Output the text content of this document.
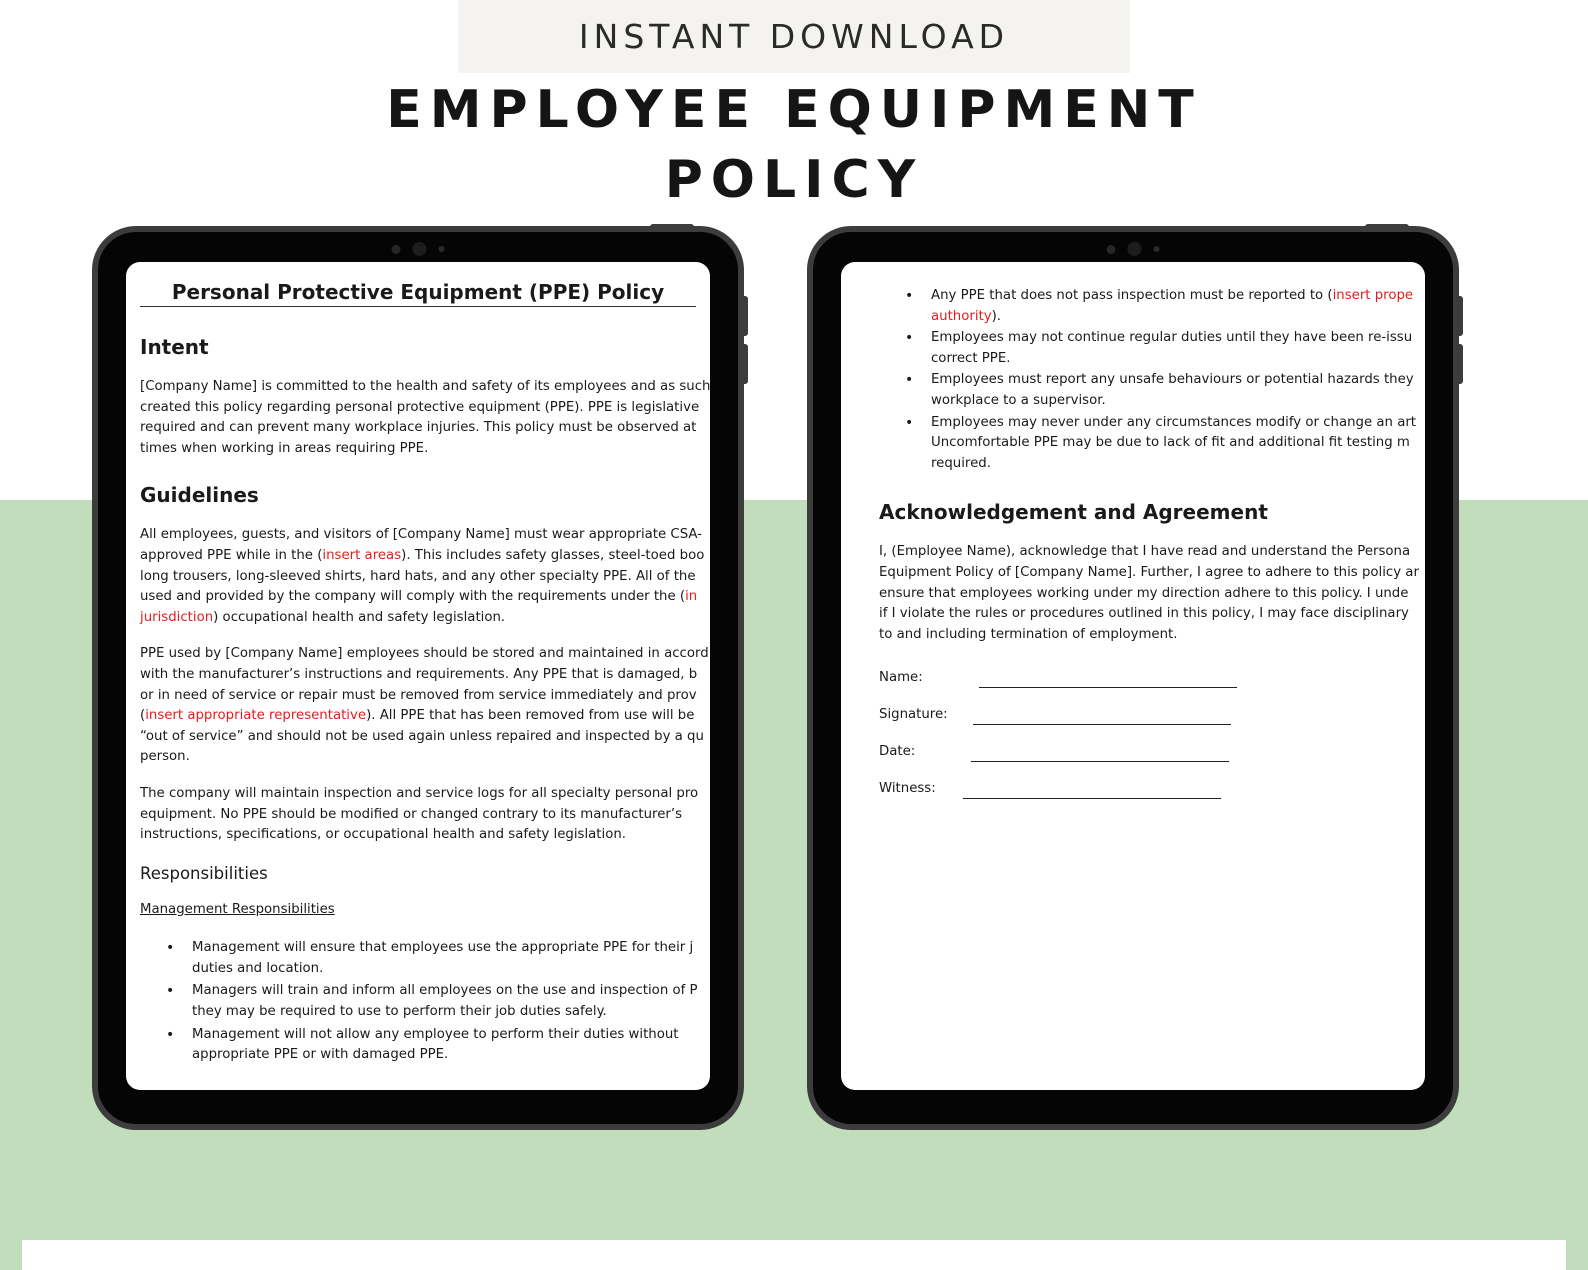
INSTANT DOWNLOAD
EMPLOYEE EQUIPMENT
POLICY
Personal Protective Equipment (PPE) Policy
Intent
[Company Name] is committed to the health and safety of its employees and as such
created this policy regarding personal protective equipment (PPE). PPE is legislative
required and can prevent many workplace injuries. This policy must be observed at
times when working in areas requiring PPE.
Guidelines
All employees, guests, and visitors of [Company Name] must wear appropriate CSA-
approved PPE while in the (insert areas). This includes safety glasses, steel-toed boo
long trousers, long-sleeved shirts, hard hats, and any other specialty PPE. All of the
used and provided by the company will comply with the requirements under the (in
jurisdiction) occupational health and safety legislation.
PPE used by [Company Name] employees should be stored and maintained in accord
with the manufacturer’s instructions and requirements. Any PPE that is damaged, b
or in need of service or repair must be removed from service immediately and prov
(insert appropriate representative). All PPE that has been removed from use will be
“out of service” and should not be used again unless repaired and inspected by a qu
person.
The company will maintain inspection and service logs for all specialty personal pro
equipment. No PPE should be modified or changed contrary to its manufacturer’s
instructions, specifications, or occupational health and safety legislation.
Responsibilities
Management Responsibilities
• Management will ensure that employees use the appropriate PPE for their j
duties and location.
• Managers will train and inform all employees on the use and inspection of P
they may be required to use to perform their job duties safely.
• Management will not allow any employee to perform their duties without
appropriate PPE or with damaged PPE.
• Any PPE that does not pass inspection must be reported to (insert prope
authority).
• Employees may not continue regular duties until they have been re-issu
correct PPE.
• Employees must report any unsafe behaviours or potential hazards they
workplace to a supervisor.
• Employees may never under any circumstances modify or change an art
Uncomfortable PPE may be due to lack of fit and additional fit testing m
required.
Acknowledgement and Agreement
I, (Employee Name), acknowledge that I have read and understand the Persona
Equipment Policy of [Company Name]. Further, I agree to adhere to this policy ar
ensure that employees working under my direction adhere to this policy. I unde
if I violate the rules or procedures outlined in this policy, I may face disciplinary
to and including termination of employment.
Name:
Signature:
Date:
Witness:
